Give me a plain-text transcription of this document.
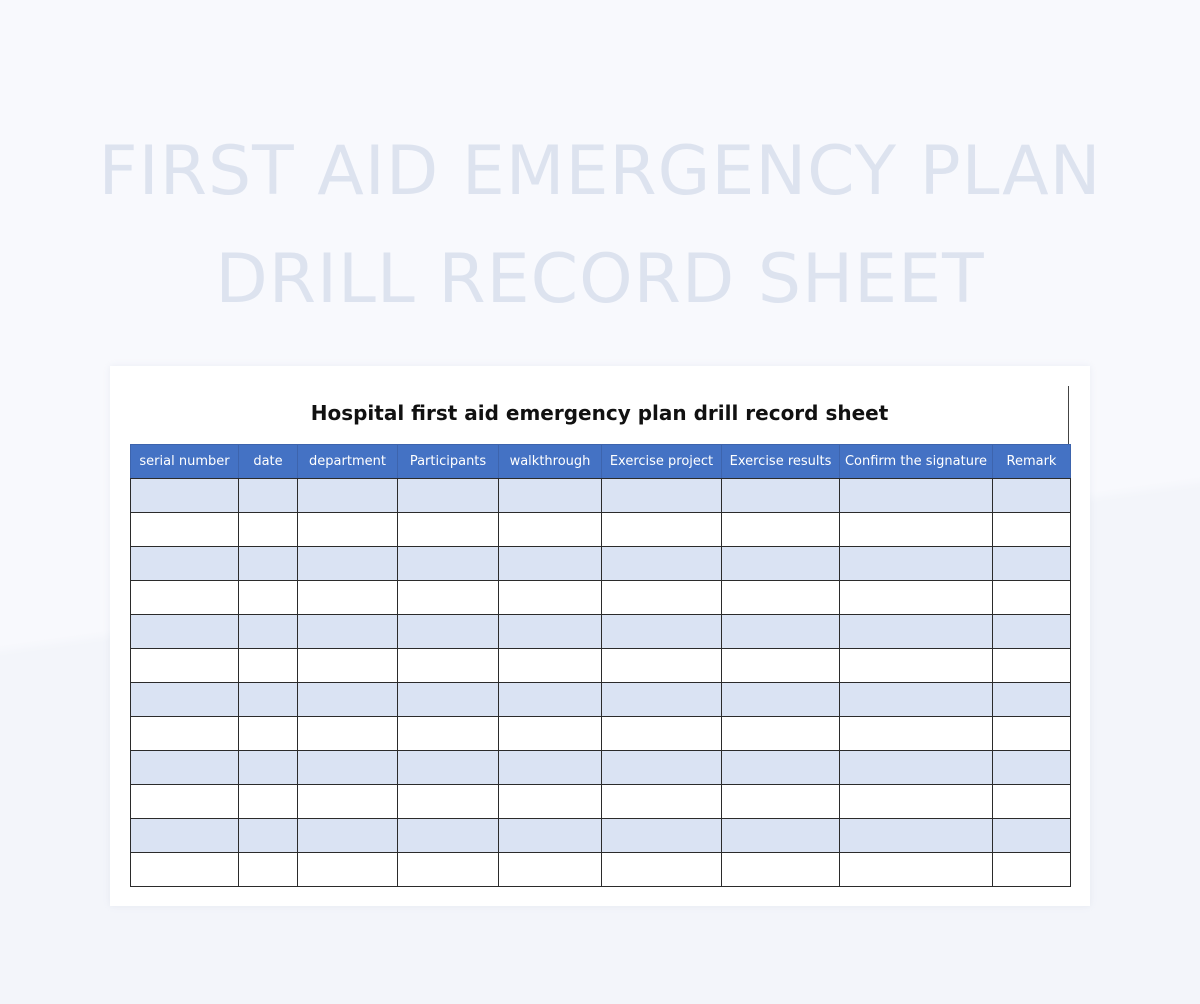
FIRST AID EMERGENCY PLAN
DRILL RECORD SHEET
Hospital first aid emergency plan drill record sheet
serial number	date	department	Participants	walkthrough	Exercise project	Exercise results	Confirm the signature	Remark
